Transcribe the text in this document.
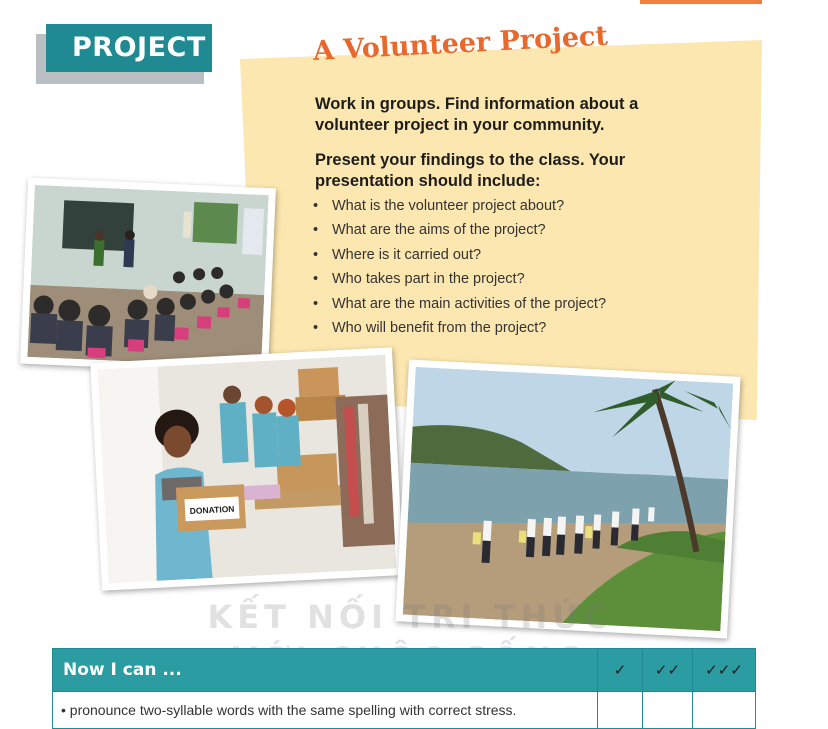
PROJECT	A Volunteer Project

Work in groups. Find information about a volunteer project in your community.

Present your findings to the class. Your presentation should include:

• What is the volunteer project about?
• What are the aims of the project?
• Where is it carried out?
• Who takes part in the project?
• What are the main activities of the project?
• Who will benefit from the project?
DONATION

KẾT NỐI TRI THỨC

Now I can ...	✓	✓✓	✓✓✓
• pronounce two-syllable words with the same spelling with correct stress.			
